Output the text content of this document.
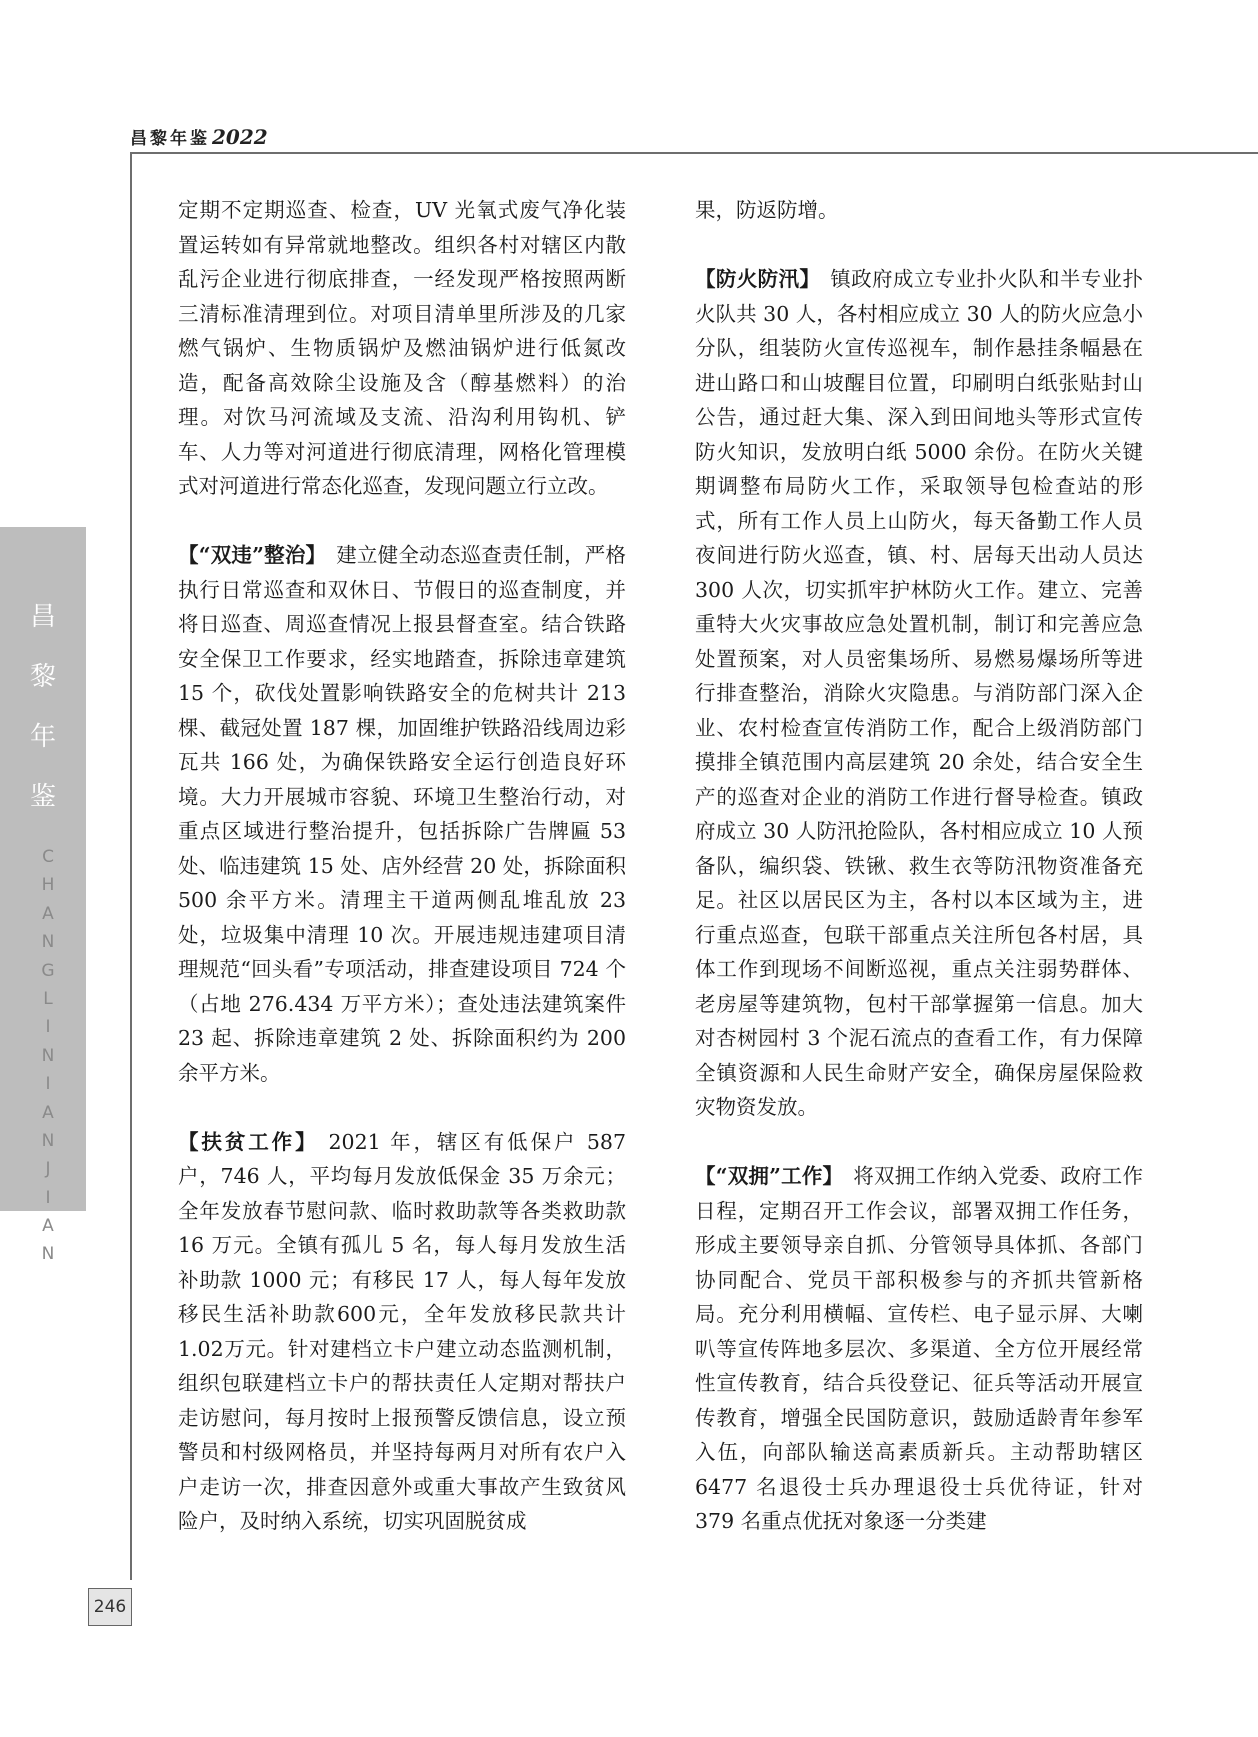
昌黎年鉴 2022
昌
黎
年
鉴
C
H
A
N
G
L
I
N
I
A
N
J
I
A
N

定期不定期巡查、检查，UV 光氧式废气净化装置运转如有异常就地整改。组织各村对辖区内散乱污企业进行彻底排查，一经发现严格按照两断三清标准清理到位。对项目清单里所涉及的几家燃气锅炉、生物质锅炉及燃油锅炉进行低氮改造，配备高效除尘设施及含（醇基燃料）的治理。对饮马河流域及支流、沿沟利用钩机、铲车、人力等对河道进行彻底清理，网格化管理模式对河道进行常态化巡查，发现问题立行立改。

【“双违”整治】 建立健全动态巡查责任制，严格执行日常巡查和双休日、节假日的巡查制度，并将日巡查、周巡查情况上报县督查室。结合铁路安全保卫工作要求，经实地踏查，拆除违章建筑 15 个，砍伐处置影响铁路安全的危树共计 213 棵、截冠处置 187 棵，加固维护铁路沿线周边彩瓦共 166 处，为确保铁路安全运行创造良好环境。大力开展城市容貌、环境卫生整治行动，对重点区域进行整治提升，包括拆除广告牌匾 53 处、临违建筑 15 处、店外经营 20 处，拆除面积 500 余平方米。清理主干道两侧乱堆乱放 23 处，垃圾集中清理 10 次。开展违规违建项目清理规范“回头看”专项活动，排查建设项目 724 个（占地 276.434 万平方米）；查处违法建筑案件 23 起、拆除违章建筑 2 处、拆除面积约为 200 余平方米。

【扶贫工作】 2021 年，辖区有低保户 587 户，746 人，平均每月发放低保金 35 万余元；全年发放春节慰问款、临时救助款等各类救助款 16 万元。全镇有孤儿 5 名，每人每月发放生活补助款 1000 元；有移民 17 人，每人每年发放移民生活补助款600元，全年发放移民款共计1.02万元。针对建档立卡户建立动态监测机制，组织包联建档立卡户的帮扶责任人定期对帮扶户走访慰问，每月按时上报预警反馈信息，设立预警员和村级网格员，并坚持每两月对所有农户入户走访一次，排查因意外或重大事故产生致贫风险户，及时纳入系统，切实巩固脱贫成

果，防返防增。

【防火防汛】 镇政府成立专业扑火队和半专业扑火队共 30 人，各村相应成立 30 人的防火应急小分队，组装防火宣传巡视车，制作悬挂条幅悬在进山路口和山坡醒目位置，印刷明白纸张贴封山公告，通过赶大集、深入到田间地头等形式宣传防火知识，发放明白纸 5000 余份。在防火关键期调整布局防火工作，采取领导包检查站的形式，所有工作人员上山防火，每天备勤工作人员夜间进行防火巡查，镇、村、居每天出动人员达 300 人次，切实抓牢护林防火工作。建立、完善重特大火灾事故应急处置机制，制订和完善应急处置预案，对人员密集场所、易燃易爆场所等进行排查整治，消除火灾隐患。与消防部门深入企业、农村检查宣传消防工作，配合上级消防部门摸排全镇范围内高层建筑 20 余处，结合安全生产的巡查对企业的消防工作进行督导检查。镇政府成立 30 人防汛抢险队，各村相应成立 10 人预备队，编织袋、铁锹、救生衣等防汛物资准备充足。社区以居民区为主，各村以本区域为主，进行重点巡查，包联干部重点关注所包各村居，具体工作到现场不间断巡视，重点关注弱势群体、老房屋等建筑物，包村干部掌握第一信息。加大对杏树园村 3 个泥石流点的查看工作，有力保障全镇资源和人民生命财产安全，确保房屋保险救灾物资发放。

【“双拥”工作】 将双拥工作纳入党委、政府工作日程，定期召开工作会议，部署双拥工作任务，形成主要领导亲自抓、分管领导具体抓、各部门协同配合、党员干部积极参与的齐抓共管新格局。充分利用横幅、宣传栏、电子显示屏、大喇叭等宣传阵地多层次、多渠道、全方位开展经常性宣传教育，结合兵役登记、征兵等活动开展宣传教育，增强全民国防意识，鼓励适龄青年参军入伍，向部队输送高素质新兵。主动帮助辖区 6477 名退役士兵办理退役士兵优待证，针对 379 名重点优抚对象逐一分类建

246
